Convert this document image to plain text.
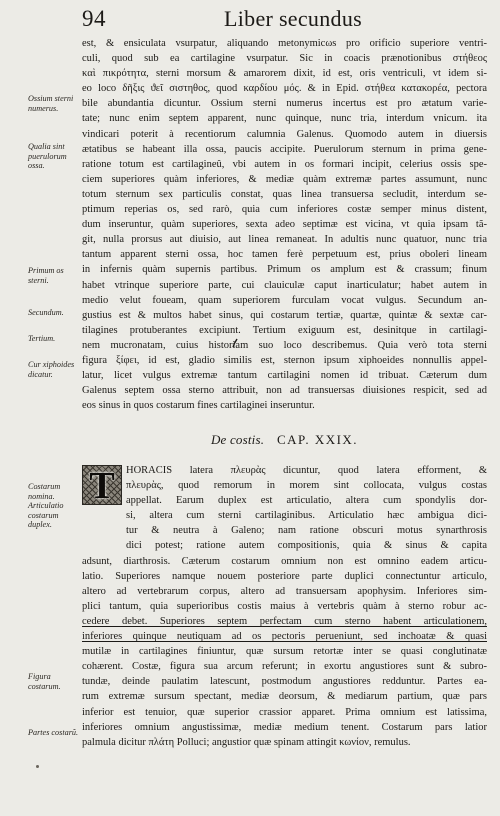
94	Liber secundus
est, & ensiculata vsurpatur, aliquando metonymicωs pro orificio superiore ventri-
culi, quod sub ea cartilagine vsurpatur. Sic in coacis prænotionibus στήθεος
καὶ πικρότητα, sterni morsum & amarorem dixit, id est, oris ventriculi, vt idem si-
eo loco δῆξις ϑεῖ σιστηθος, quod καρδίου μός. & in Epid. στήθεα κατακορέα, pectora
bile abundantia dicuntur. Ossium sterni numerus incertus est pro ætatum varie-
tate; nunc enim septem apparent, nunc quinque, nunc tria, interdum vnicum. ita
vindicari poterit à recentiorum calumnia Galenus. Quomodo autem in diuersis
ætatibus se habeant illa ossa, paucis accipite. Puerulorum sternum in prima gene-
ratione totum est cartilagineû, vbi autem in os formari incipit, celerius ossis spe-
ciem superiores quàm inferiores, & mediæ quàm extremæ partes assumunt, nunc
totum sternum sex particulis constat, quas linea transuersa secludit, interdum se-
ptimum reperias os, sed rarò, quia cum inferiores costæ semper minus distent,
dum inseruntur, quàm superiores, sexta adeo septimæ est vicina, vt quia ipsam tã-
git, nulla prorsus aut diuisio, aut linea remaneat. In adultis nunc quatuor, nunc tria
tantum apparent sterni ossa, hoc tamen ferè perpetuum est, prius oboleri lineam
in infernis quàm supernis partibus. Primum os amplum est & crassum; finum
habet vtrinque superiore parte, cui clauiculæ caput inarticulatur; habet autem in
medio velut foueam, quam superiorem furculam vocat vulgus. Secundum an-
gustius est & multos habet sinus, qui costarum tertiæ, quartæ, quintæ & sextæ car-
tilagines protuberantes excipiunt. Tertium exiguum est, desinitque in cartilagi-
nem mucronatam, cuius historiam suo loco describemus. Quia verò tota sterni
figura ξίφει, id est, gladio similis est, sternon ipsum xiphoeides nonnullis appel-
latur, licet vulgus extremæ tantum cartilagini nomen id tribuat. Cæterum dum
Galenus septem ossa sterno attribuit, non ad transuersas diuisiones respicit, sed ad
eos sinus in quos costarum fines cartilaginei inseruntur.
De costis. CAP. XXIX.
T	HORACIS latera πλευρὰς dicuntur, quod latera efforment, &
πλευρὰς, quod remorum in morem sint collocata, vulgus costas
appellat. Earum duplex est articulatio, altera cum spondylis dor-
si, altera cum sterni cartilaginibus. Articulatio hæc ambigua dici-
tur & neutra à Galeno; nam ratione obscuri motus synarthrosis
dici potest; ratione autem compositionis, quia & sinus & capita
adsunt, diarthrosis. Cæterum costarum omnium non est omnino eadem articu-
latio. Superiores namque nouem posteriore parte duplici connectuntur articulo,
altero ad vertebrarum corpus, altero ad transuersam apophysim. Inferiores sim-
plici tantum, quia superioribus costis maius à vertebris quàm à sterno robur ac-
cedere debet. Superiores septem perfectam cum sterno habent articulationem,
inferiores quinque neutiquam ad os pectoris perueniunt, sed inchoatæ & quasi
mutilæ in cartilagines finiuntur, quæ sursum retortæ inter se quasi conglutinatæ
cohærent. Costæ, figura sua arcum referunt; in exortu angustiores sunt & subro-
tundæ, deinde paulatim latescunt, postmodum angustiores redduntur. Partes ea-
rum extremæ sursum spectant, mediæ deorsum, & mediarum partium, quæ pars
inferior est tenuior, quæ superior crassior apparet. Prima omnium est latissima,
inferiores omnium angustissimæ, mediæ medium tenent. Costarum pars latior
palmula dicitur πλάτη Polluci; angustior quæ spinam attingit κωνίον, remulus.
Ossium sterni numerus.
Qualia sint puerulorum ossa.
Primum os sterni.
Secundum.
Tertium.
Cur xiphoides dicatur.
Costarum nomina. Articulatio costarum duplex.
Figura costarum.
Partes costarũ.
